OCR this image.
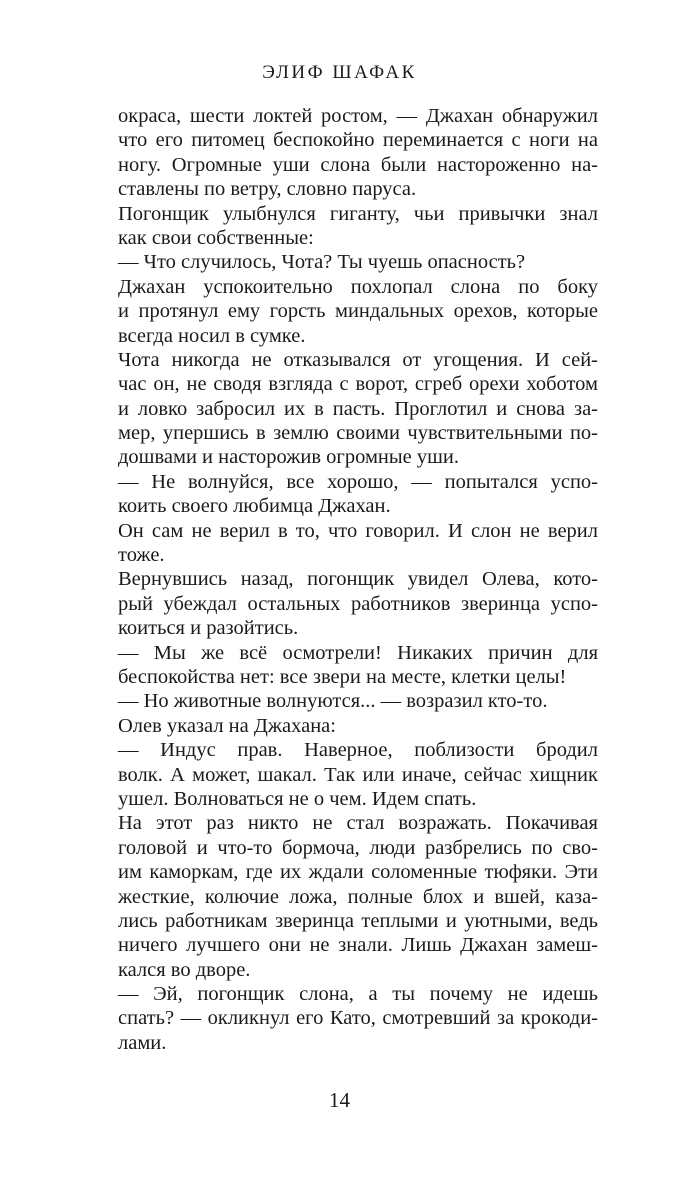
ЭЛИФ ШАФАК
окраса, шести локтей ростом, — Джахан обнаружил
что его питомец беспокойно переминается с ноги на
ногу. Огромные уши слона были настороженно на-
ставлены по ветру, словно паруса.
Погонщик улыбнулся гиганту, чьи привычки знал
как свои собственные:
— Что случилось, Чота? Ты чуешь опасность?
Джахан успокоительно похлопал слона по боку
и протянул ему горсть миндальных орехов, которые
всегда носил в сумке.
Чота никогда не отказывался от угощения. И сей-
час он, не сводя взгляда с ворот, сгреб орехи хоботом
и ловко забросил их в пасть. Проглотил и снова за-
мер, упершись в землю своими чувствительными по-
дошвами и насторожив огромные уши.
— Не волнуйся, все хорошо, — попытался успо-
коить своего любимца Джахан.
Он сам не верил в то, что говорил. И слон не верил
тоже.
Вернувшись назад, погонщик увидел Олева, кото-
рый убеждал остальных работников зверинца успо-
коиться и разойтись.
— Мы же всё осмотрели! Никаких причин для
беспокойства нет: все звери на месте, клетки целы!
— Но животные волнуются... — возразил кто-то.
Олев указал на Джахана:
— Индус прав. Наверное, поблизости бродил
волк. А может, шакал. Так или иначе, сейчас хищник
ушел. Волноваться не о чем. Идем спать.
На этот раз никто не стал возражать. Покачивая
головой и что-то бормоча, люди разбрелись по сво-
им каморкам, где их ждали соломенные тюфяки. Эти
жесткие, колючие ложа, полные блох и вшей, каза-
лись работникам зверинца теплыми и уютными, ведь
ничего лучшего они не знали. Лишь Джахан замеш-
кался во дворе.
— Эй, погонщик слона, а ты почему не идешь
спать? — окликнул его Като, смотревший за крокоди-
лами.
14
